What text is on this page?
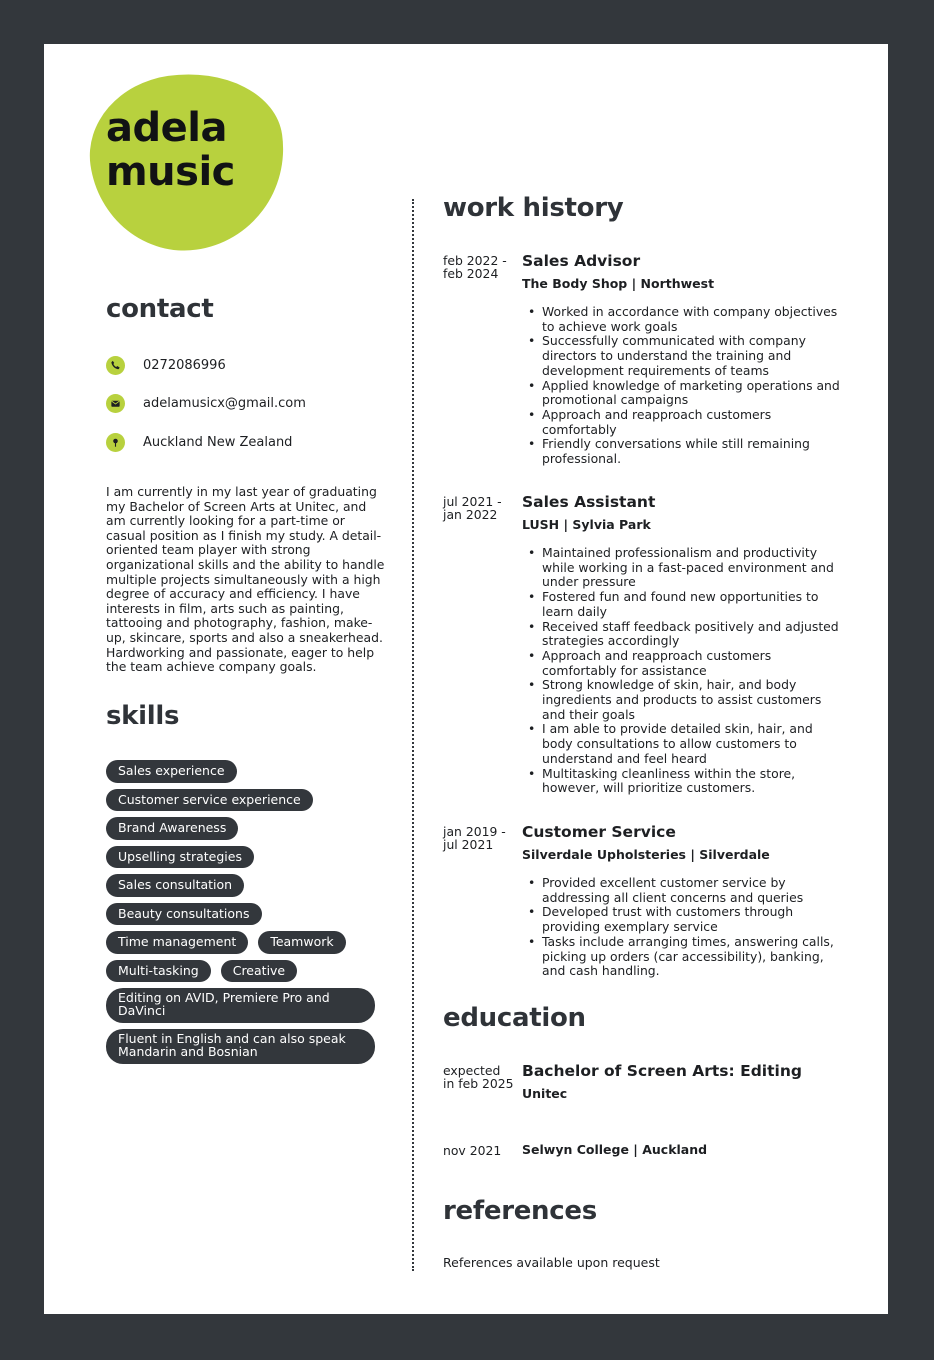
adela
music
contact
0272086996
adelamusicx@gmail.com
Auckland New Zealand

I am currently in my last year of graduating my Bachelor of Screen Arts at Unitec, and am currently looking for a part-time or casual position as I finish my study. A detail-oriented team player with strong organizational skills and the ability to handle multiple projects simultaneously with a high degree of accuracy and efficiency. I have interests in film, arts such as painting, tattooing and photography, fashion, make-up, skincare, sports and also a sneakerhead. Hardworking and passionate, eager to help the team achieve company goals.

skills
Sales experience
Customer service experience
Brand Awareness
Upselling strategies
Sales consultation
Beauty consultations
Time management	Teamwork
Multi-tasking	Creative
Editing on AVID, Premiere Pro and DaVinci
Fluent in English and can also speak Mandarin and Bosnian
work history
feb 2022 - feb 2024
Sales Advisor
The Body Shop | Northwest
• Worked in accordance with company objectives to achieve work goals
• Successfully communicated with company directors to understand the training and development requirements of teams
• Applied knowledge of marketing operations and promotional campaigns
• Approach and reapproach customers comfortably
• Friendly conversations while still remaining professional.
jul 2021 - jan 2022
Sales Assistant
LUSH | Sylvia Park
• Maintained professionalism and productivity while working in a fast-paced environment and under pressure
• Fostered fun and found new opportunities to learn daily
• Received staff feedback positively and adjusted strategies accordingly
• Approach and reapproach customers comfortably for assistance
• Strong knowledge of skin, hair, and body ingredients and products to assist customers and their goals
• I am able to provide detailed skin, hair, and body consultations to allow customers to understand and feel heard
• Multitasking cleanliness within the store, however, will prioritize customers.
jan 2019 - jul 2021
Customer Service
Silverdale Upholsteries | Silverdale
• Provided excellent customer service by addressing all client concerns and queries
• Developed trust with customers through providing exemplary service
• Tasks include arranging times, answering calls, picking up orders (car accessibility), banking, and cash handling.
education
expected in feb 2025
Bachelor of Screen Arts: Editing
Unitec
nov 2021	Selwyn College | Auckland
references
References available upon request
